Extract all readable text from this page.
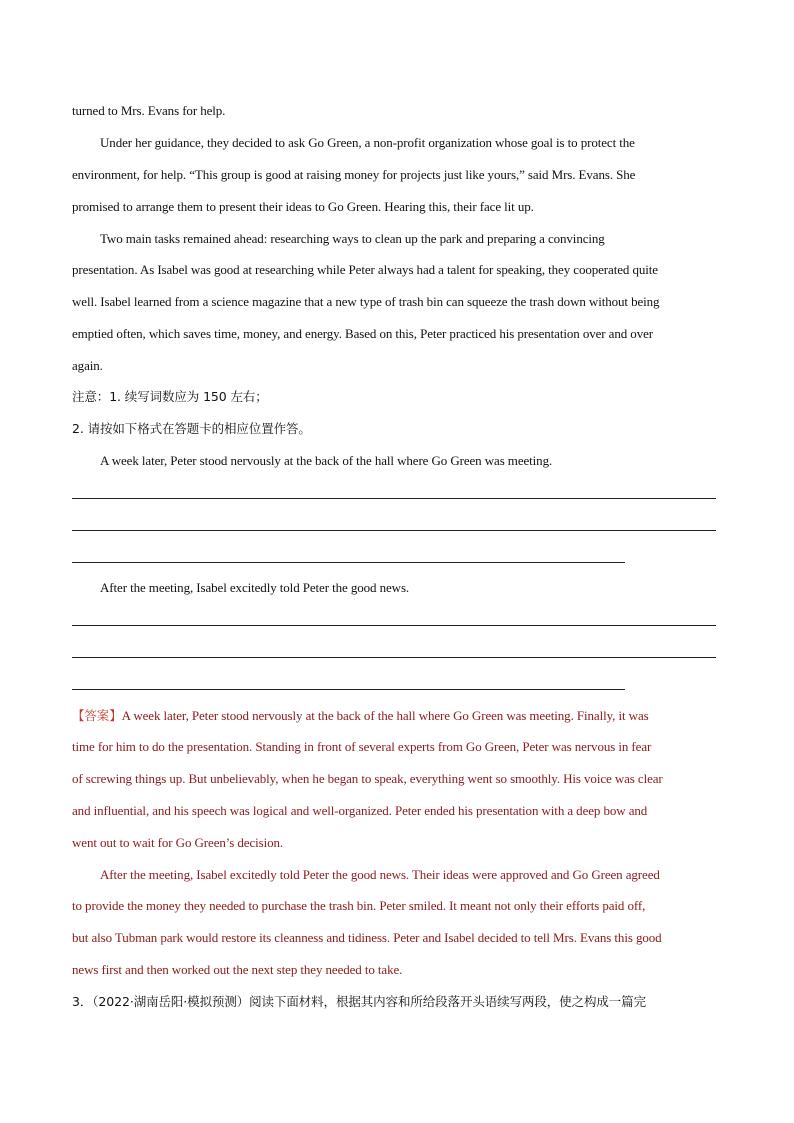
turned to Mrs. Evans for help.
Under her guidance, they decided to ask Go Green, a non-profit organization whose goal is to protect the
environment, for help. “This group is good at raising money for projects just like yours,” said Mrs. Evans. She
promised to arrange them to present their ideas to Go Green. Hearing this, their face lit up.
Two main tasks remained ahead: researching ways to clean up the park and preparing a convincing
presentation. As Isabel was good at researching while Peter always had a talent for speaking, they cooperated quite
well. Isabel learned from a science magazine that a new type of trash bin can squeeze the trash down without being
emptied often, which saves time, money, and energy. Based on this, Peter practiced his presentation over and over
again.
注意：1. 续写词数应为 150 左右；
2. 请按如下格式在答题卡的相应位置作答。
A week later, Peter stood nervously at the back of the hall where Go Green was meeting.
After the meeting, Isabel excitedly told Peter the good news.
【答案】A week later, Peter stood nervously at the back of the hall where Go Green was meeting. Finally, it was
time for him to do the presentation. Standing in front of several experts from Go Green, Peter was nervous in fear
of screwing things up. But unbelievably, when he began to speak, everything went so smoothly. His voice was clear
and influential, and his speech was logical and well-organized. Peter ended his presentation with a deep bow and
went out to wait for Go Green’s decision.
After the meeting, Isabel excitedly told Peter the good news. Their ideas were approved and Go Green agreed
to provide the money they needed to purchase the trash bin. Peter smiled. It meant not only their efforts paid off,
but also Tubman park would restore its cleanness and tidiness. Peter and Isabel decided to tell Mrs. Evans this good
news first and then worked out the next step they needed to take.
3．（2022·湖南岳阳·模拟预测）阅读下面材料，根据其内容和所给段落开头语续写两段，使之构成一篇完
